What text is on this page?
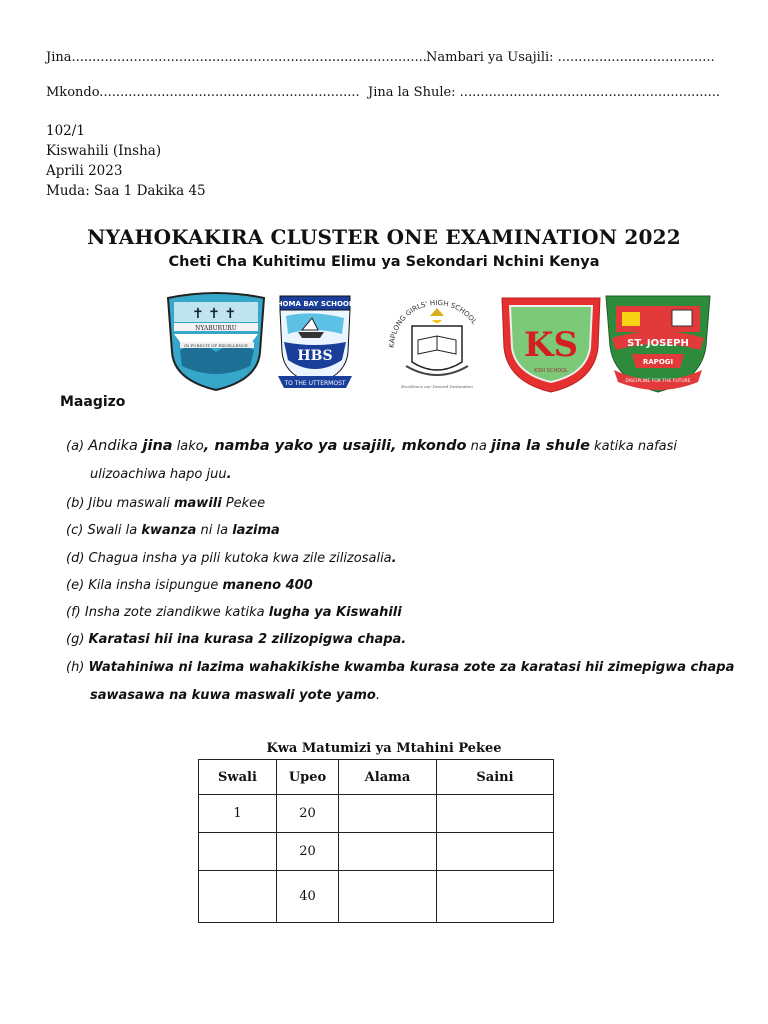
Jina...................................................................................... Nambari ya Usajili: ......................................
Mkondo............................................................... Jina la Shule: ...............................................................
102/1
Kiswahili (Insha)
Aprili 2023
Muda: Saa 1 Dakika 45
NYAHOKAKIRA CLUSTER ONE EXAMINATION 2022
Cheti Cha Kuhitimu Elimu ya Sekondari Nchini Kenya
✝ ✝ ✝
NYABURURU
IN PURSUIT OF EXCELLENCE
HOMA BAY SCHOOL
HBS
TO THE UTTERMOST
KAPLONG GIRLS' HIGH SCHOOL
Excellence our Desired Destination
KS
KISII SCHOOL
ST. JOSEPH
RAPOGI
DISCIPLINE FOR THE FUTURE
Maagizo
(a) Andika jina lako, namba yako ya usajili, mkondo na jina la shule katika nafasi
ulizoachiwa hapo juu.
(b) Jibu maswali mawili Pekee
(c) Swali la kwanza ni la lazima
(d) Chagua insha ya pili kutoka kwa zile zilizosalia.
(e) Kila insha isipungue maneno 400
(f) Insha zote ziandikwe katika lugha ya Kiswahili
(g) Karatasi hii ina kurasa 2 zilizopigwa chapa.
(h) Watahiniwa ni lazima wahakikishe kwamba kurasa zote za karatasi hii zimepigwa chapa
sawasawa na kuwa maswali yote yamo.
Kwa Matumizi ya Mtahini Pekee
Swali	Upeo	Alama	Saini
1	20		
	20		
	40		
